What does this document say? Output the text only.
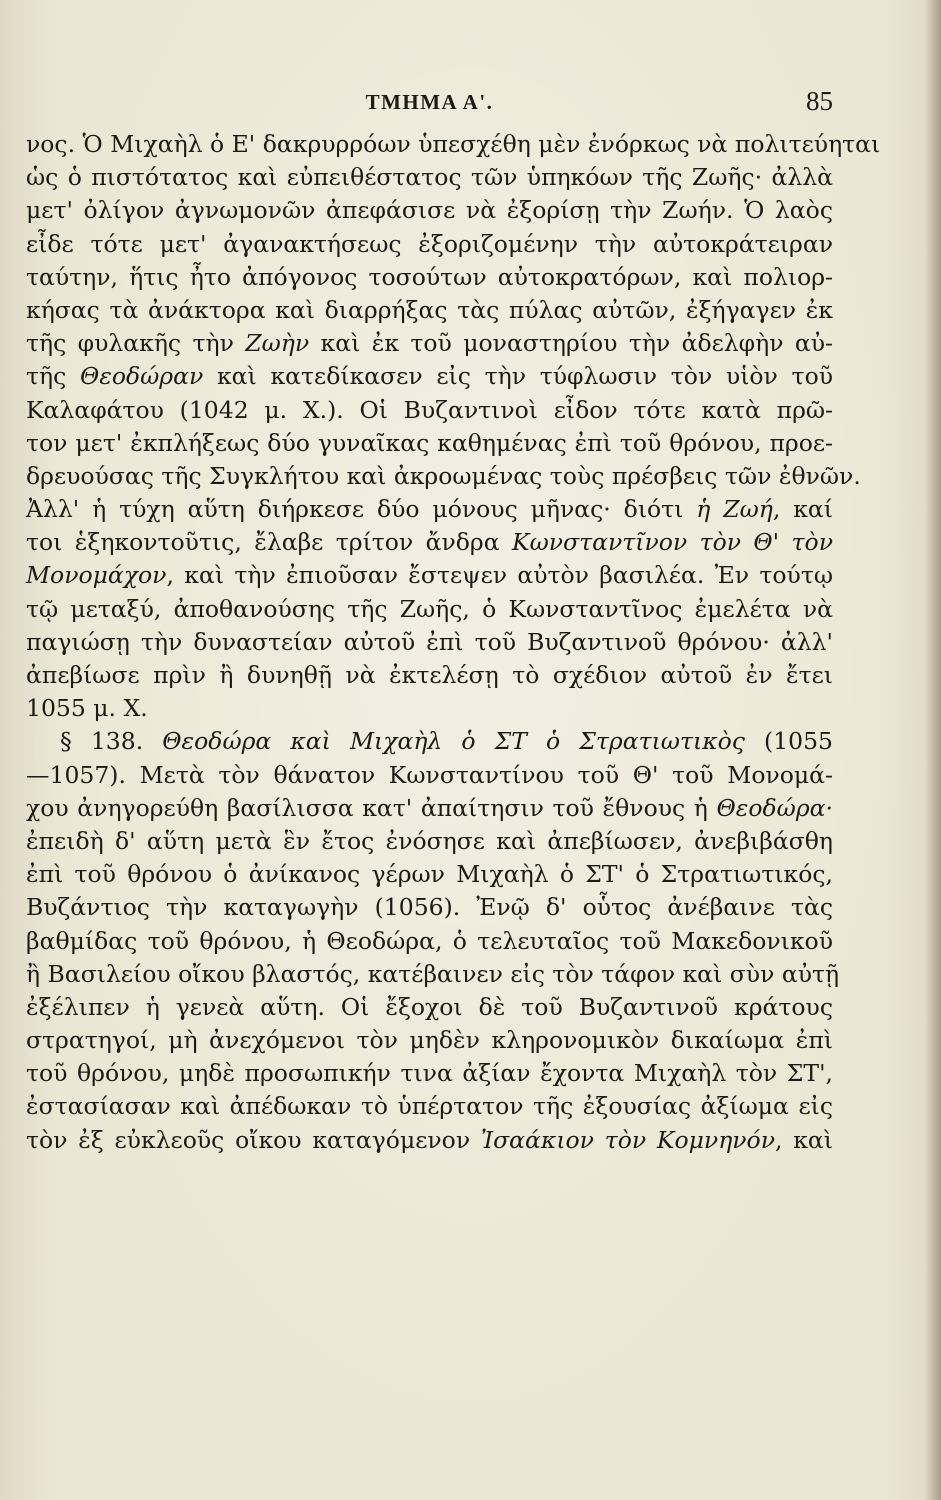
ΤΜΗΜΑ Α'.	85
νος. Ὁ Μιχαὴλ ὁ Ε' δακρυρρόων ὑπεσχέθη μὲν ἐνόρκως νὰ πολιτεύηται
ὡς ὁ πιστότατος καὶ εὐπειθέστατος τῶν ὑπηκόων τῆς Ζωῆς· ἀλλὰ
μετ' ὀλίγον ἀγνωμονῶν ἀπεφάσισε νὰ ἐξορίσῃ τὴν Ζωήν. Ὁ λαὸς
εἶδε τότε μετ' ἀγανακτήσεως ἐξοριζομένην τὴν αὐτοκράτειραν
ταύτην, ἥτις ἦτο ἀπόγονος τοσούτων αὐτοκρατόρων, καὶ πολιορ-
κήσας τὰ ἀνάκτορα καὶ διαρρήξας τὰς πύλας αὐτῶν, ἐξήγαγεν ἐκ
τῆς φυλακῆς τὴν Ζωὴν καὶ ἐκ τοῦ μοναστηρίου τὴν ἀδελφὴν αὐ-
τῆς Θεοδώραν καὶ κατεδίκασεν εἰς τὴν τύφλωσιν τὸν υἱὸν τοῦ
Καλαφάτου (1042 μ. Χ.). Οἱ Βυζαντινοὶ εἶδον τότε κατὰ πρῶ-
τον μετ' ἐκπλήξεως δύο γυναῖκας καθημένας ἐπὶ τοῦ θρόνου, προε-
δρευούσας τῆς Συγκλήτου καὶ ἀκροωμένας τοὺς πρέσβεις τῶν ἐθνῶν.
Ἀλλ' ἡ τύχη αὕτη διήρκεσε δύο μόνους μῆνας· διότι ἡ Ζωή, καί
τοι ἑξηκοντοῦτις, ἔλαβε τρίτον ἄνδρα Κωνσταντῖνον τὸν Θ' τὸν
Μονομάχον, καὶ τὴν ἐπιοῦσαν ἔστεψεν αὐτὸν βασιλέα. Ἐν τούτῳ
τῷ μεταξύ, ἀποθανούσης τῆς Ζωῆς, ὁ Κωνσταντῖνος ἐμελέτα νὰ
παγιώσῃ τὴν δυναστείαν αὐτοῦ ἐπὶ τοῦ Βυζαντινοῦ θρόνου· ἀλλ'
ἀπεβίωσε πρὶν ἢ δυνηθῇ νὰ ἐκτελέσῃ τὸ σχέδιον αὐτοῦ ἐν ἔτει
1055 μ. Χ.
§ 138. Θεοδώρα καὶ Μιχαὴλ ὁ ΣΤ ὁ Στρατιωτικὸς (1055
—1057). Μετὰ τὸν θάνατον Κωνσταντίνου τοῦ Θ' τοῦ Μονομά-
χου ἀνηγορεύθη βασίλισσα κατ' ἀπαίτησιν τοῦ ἔθνους ἡ Θεοδώρα·
ἐπειδὴ δ' αὕτη μετὰ ἓν ἔτος ἐνόσησε καὶ ἀπεβίωσεν, ἀνεβιβάσθη
ἐπὶ τοῦ θρόνου ὁ ἀνίκανος γέρων Μιχαὴλ ὁ ΣΤ' ὁ Στρατιωτικός,
Βυζάντιος τὴν καταγωγὴν (1056). Ἐνῷ δ' οὗτος ἀνέβαινε τὰς
βαθμίδας τοῦ θρόνου, ἡ Θεοδώρα, ὁ τελευταῖος τοῦ Μακεδονικοῦ
ἢ Βασιλείου οἴκου βλαστός, κατέβαινεν εἰς τὸν τάφον καὶ σὺν αὐτῇ
ἐξέλιπεν ἡ γενεὰ αὕτη. Οἱ ἔξοχοι δὲ τοῦ Βυζαντινοῦ κράτους
στρατηγοί, μὴ ἀνεχόμενοι τὸν μηδὲν κληρονομικὸν δικαίωμα ἐπὶ
τοῦ θρόνου, μηδὲ προσωπικήν τινα ἀξίαν ἔχοντα Μιχαὴλ τὸν ΣΤ',
ἐστασίασαν καὶ ἀπέδωκαν τὸ ὑπέρτατον τῆς ἐξουσίας ἀξίωμα εἰς
τὸν ἐξ εὐκλεοῦς οἴκου καταγόμενον Ἰσαάκιον τὸν Κομνηνόν, καὶ
